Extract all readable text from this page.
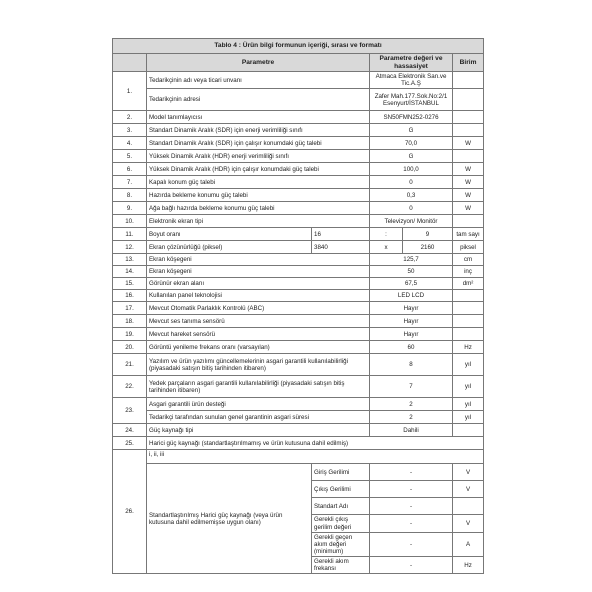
Tablo 4 : Ürün bilgi formunun içeriği, sırası ve formatı					
	Parametre		Parametre değeri ve hassasiyet		Birim
1.	Tedarikçinin adı veya ticari unvanı		Atmaca Elektronik San.ve Tic.A.Ş		
	Tedarikçinin adresi		Zafer Mah.177.Sok.No:2/1 Esenyurt/İSTANBUL		
2.	Model tanımlayıcısı		SN50FMN252-0276		
3.	Standart Dinamik Aralık (SDR) için enerji verimliliği sınıfı		G		
4.	Standart Dinamik Aralık (SDR) için çalışır konumdaki güç talebi		70,0		W
5.	Yüksek Dinamik Aralık (HDR) enerji verimliliği sınıfı		G		
6.	Yüksek Dinamik Aralık (HDR) için çalışır konumdaki güç talebi		100,0		W
7.	Kapalı konum güç talebi		0		W
8.	Hazırda bekleme konumu güç talebi		0,3		W
9.	Ağa bağlı hazırda bekleme konumu güç talebi		0		W
10.	Elektronik ekran tipi		Televizyon/ Monitör		
11.	Boyut oranı	16	:	9	tam sayı
12.	Ekran çözünürlüğü (piksel)	3840	x	2160	piksel
13.	Ekran köşegeni		125,7		cm
14.	Ekran köşegeni		50		inç
15.	Görünür ekran alanı		67,5		dm²
16.	Kullanılan panel teknolojisi		LED LCD		
17.	Mevcut Otomatik Parlaklık Kontrolü (ABC)		Hayır		
18.	Mevcut ses tanıma sensörü		Hayır		
19.	Mevcut hareket sensörü		Hayır		
20.	Görüntü yenileme frekans oranı (varsayılan)		60		Hz
21.	Yazılım ve ürün yazılımı güncellemelerinin asgari garantili kullanılabilirliği (piyasadaki satışın bitiş tarihinden itibaren)		8		yıl
22.	Yedek parçaların asgari garantili kullanılabilirliği (piyasadaki satışın bitiş tarihinden itibaren)		7		yıl
23.	Asgari garantili ürün desteği		2		yıl
	Tedarikçi tarafından sunulan genel garantinin asgari süresi		2		yıl
24.	Güç kaynağı tipi		Dahili		
25.	Harici güç kaynağı (standartlaştırılmamış ve ürün kutusuna dahil edilmiş)				
26.	i, ii, iii				
	Standartlaştırılmış Harici güç kaynağı (veya ürün kutusuna dahil edilmemişse uygun olanı)	Giriş Gerilimi	-		V
		Çıkış Gerilimi	-		V
		Standart Adı	-		
		Gerekli çıkış gerilim değeri	-		V
		Gerekli geçen akım değeri (minimum)	-		A
		Gerekli akım frekansı	-		Hz
